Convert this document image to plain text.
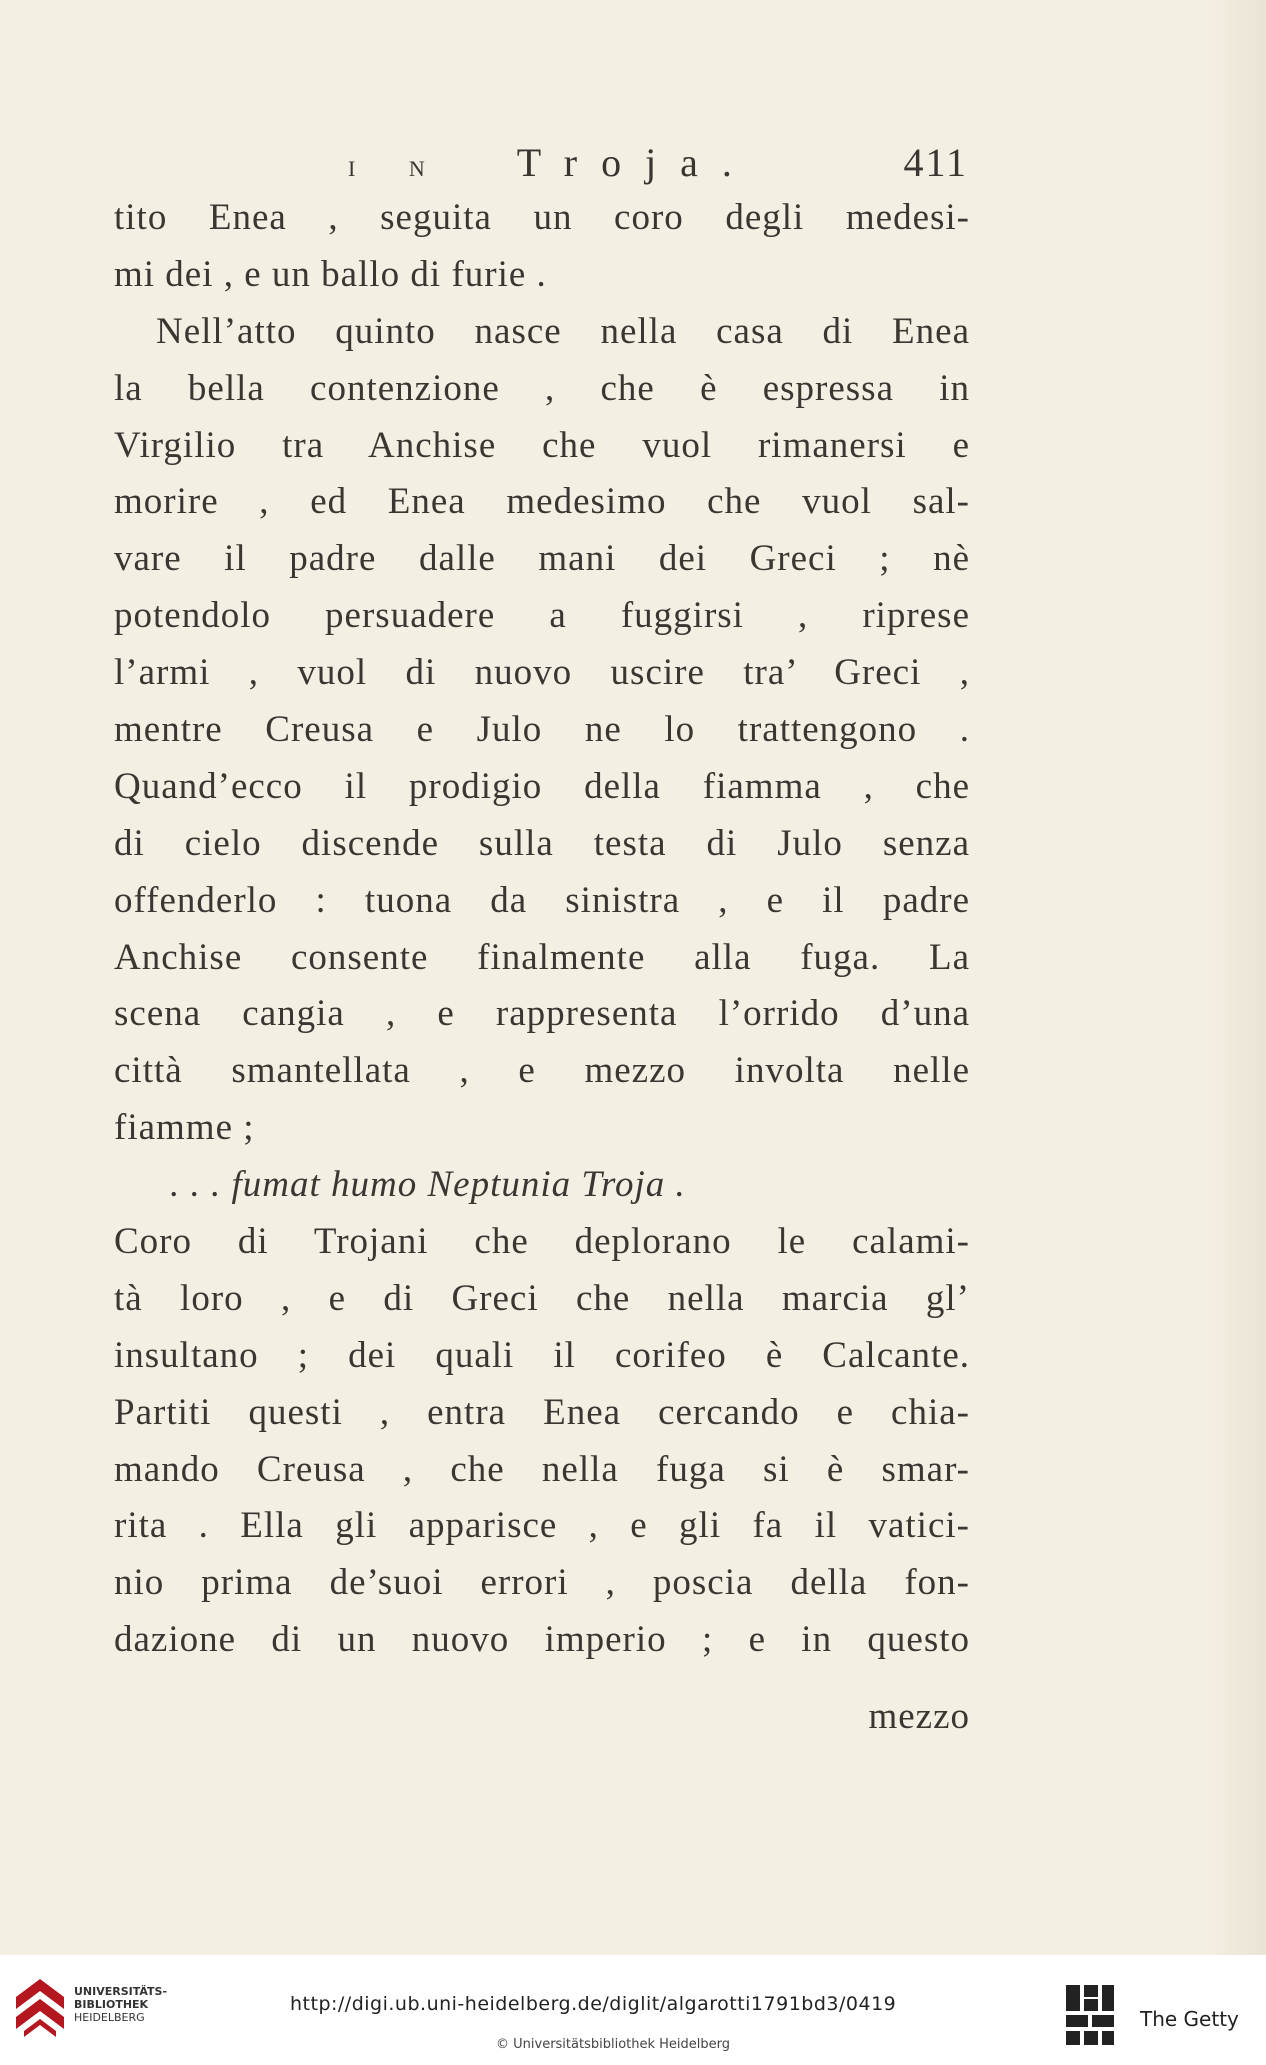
I N Troja.	411
tito Enea , seguita un coro degli medesi-
mi dei , e un ballo di furie .
Nell’atto quinto nasce nella casa di Enea
la bella contenzione , che è espressa in
Virgilio tra Anchise che vuol rimanersi e
morire , ed Enea medesimo che vuol sal-
vare il padre dalle mani dei Greci ; nè
potendolo persuadere a fuggirsi , riprese
l’armi , vuol di nuovo uscire tra’ Greci ,
mentre Creusa e Julo ne lo trattengono .
Quand’ecco il prodigio della fiamma , che
di cielo discende sulla testa di Julo senza
offenderlo : tuona da sinistra , e il padre
Anchise consente finalmente alla fuga. La
scena cangia , e rappresenta l’orrido d’una
città smantellata , e mezzo involta nelle
fiamme ;
. . . fumat humo Neptunia Troja .
Coro di Trojani che deplorano le calami-
tà loro , e di Greci che nella marcia gl’
insultano ; dei quali il corifeo è Calcante.
Partiti questi , entra Enea cercando e chia-
mando Creusa , che nella fuga si è smar-
rita . Ella gli apparisce , e gli fa il vatici-
nio prima de’suoi errori , poscia della fon-
dazione di un nuovo imperio ; e in questo
mezzo
UNIVERSITÄTS-
BIBLIOTHEK
HEIDELBERG
http://digi.ub.uni-heidelberg.de/diglit/algarotti1791bd3/0419
© Universitätsbibliothek Heidelberg
The Getty
